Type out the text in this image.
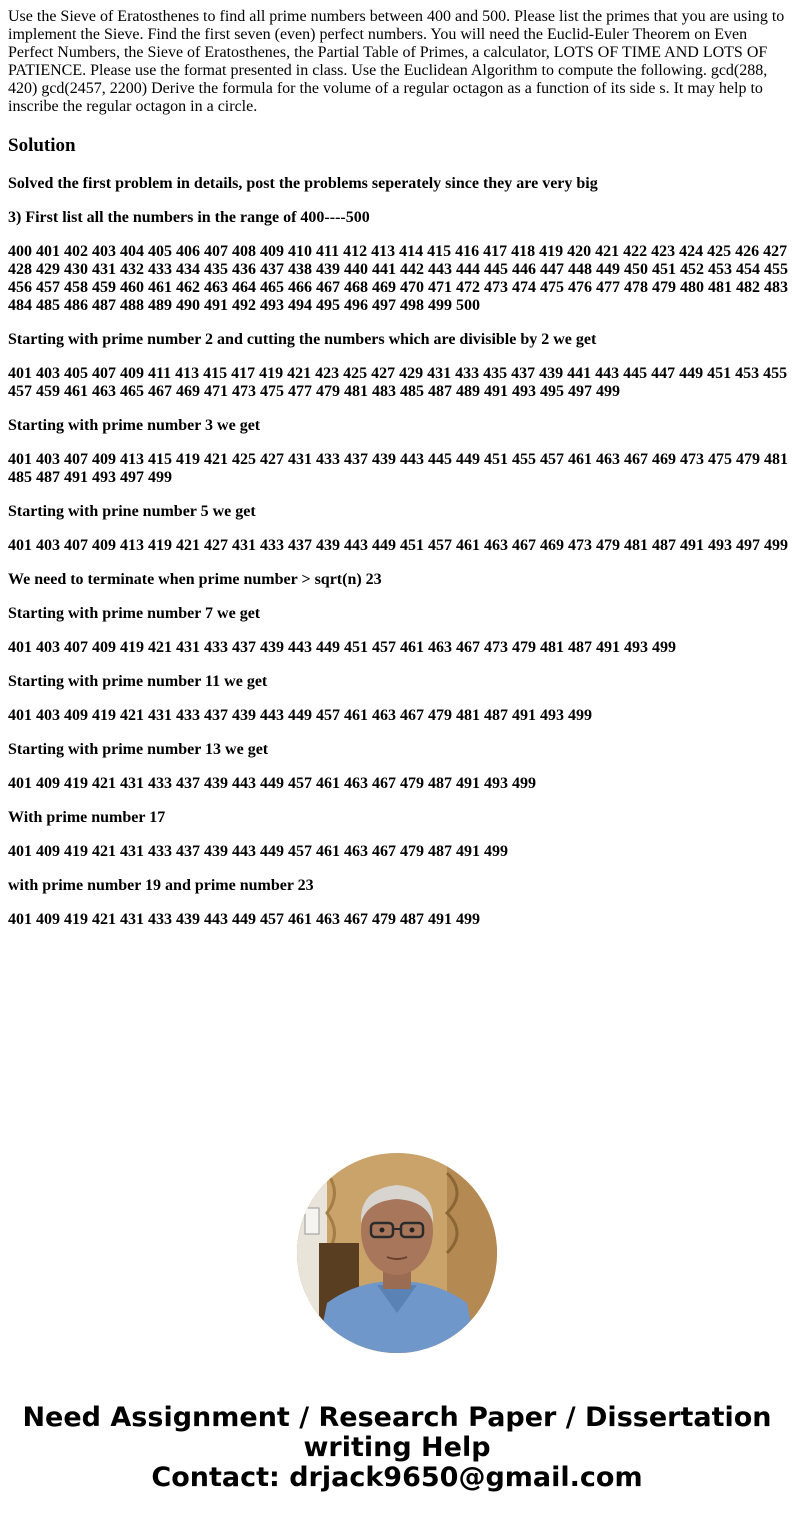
Use the Sieve of Eratosthenes to find all prime numbers between 400 and 500. Please list the primes that you are using to implement the Sieve. Find the first seven (even) perfect numbers. You will need the Euclid-Euler Theorem on Even Perfect Numbers, the Sieve of Eratosthenes, the Partial Table of Primes, a calculator, LOTS OF TIME AND LOTS OF PATIENCE. Please use the format presented in class. Use the Euclidean Algorithm to compute the following. gcd(288, 420) gcd(2457, 2200) Derive the formula for the volume of a regular octagon as a function of its side s. It may help to inscribe the regular octagon in a circle.

Solution

Solved the first problem in details, post the problems seperately since they are very big

3) First list all the numbers in the range of 400----500

400 401 402 403 404 405 406 407 408 409 410 411 412 413 414 415 416 417 418 419 420 421 422 423 424 425 426 427 428 429 430 431 432 433 434 435 436 437 438 439 440 441 442 443 444 445 446 447 448 449 450 451 452 453 454 455 456 457 458 459 460 461 462 463 464 465 466 467 468 469 470 471 472 473 474 475 476 477 478 479 480 481 482 483 484 485 486 487 488 489 490 491 492 493 494 495 496 497 498 499 500

Starting with prime number 2 and cutting the numbers which are divisible by 2 we get

401 403 405 407 409 411 413 415 417 419 421 423 425 427 429 431 433 435 437 439 441 443 445 447 449 451 453 455 457 459 461 463 465 467 469 471 473 475 477 479 481 483 485 487 489 491 493 495 497 499

Starting with prime number 3 we get

401 403 407 409 413 415 419 421 425 427 431 433 437 439 443 445 449 451 455 457 461 463 467 469 473 475 479 481 485 487 491 493 497 499

Starting with prine number 5 we get

401 403 407 409 413 419 421 427 431 433 437 439 443 449 451 457 461 463 467 469 473 479 481 487 491 493 497 499

We need to terminate when prime number > sqrt(n) 23

Starting with prime number 7 we get

401 403 407 409 419 421 431 433 437 439 443 449 451 457 461 463 467 473 479 481 487 491 493 499

Starting with prime number 11 we get

401 403 409 419 421 431 433 437 439 443 449 457 461 463 467 479 481 487 491 493 499

Starting with prime number 13 we get

401 409 419 421 431 433 437 439 443 449 457 461 463 467 479 487 491 493 499

With prime number 17

401 409 419 421 431 433 437 439 443 449 457 461 463 467 479 487 491 499

with prime number 19 and prime number 23

401 409 419 421 431 433 439 443 449 457 461 463 467 479 487 491 499

Need Assignment / Research Paper / Dissertation
writing Help
Contact: drjack9650@gmail.com
